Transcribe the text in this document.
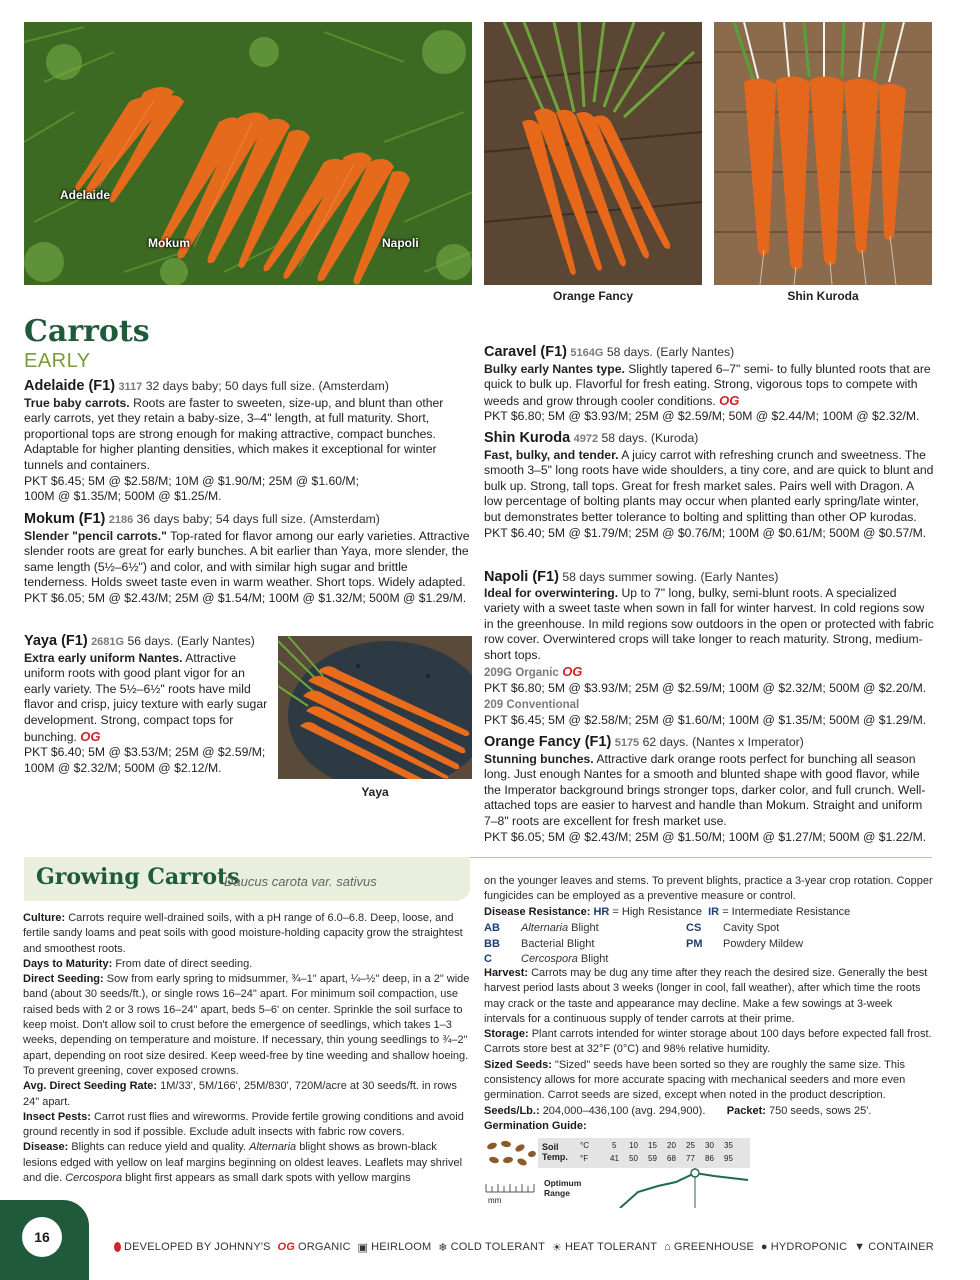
Adelaide
Mokum	Napoli
Orange Fancy	Shin Kuroda
Carrots
EARLY
Adelaide (F1) 3117 32 days baby; 50 days full size. (Amsterdam)
True baby carrots. Roots are faster to sweeten, size-up, and blunt than other early carrots, yet they retain a baby-size, 3–4" length, at full maturity. Short, proportional tops are strong enough for making attractive, compact bunches. Adaptable for higher planting densities, which makes it exceptional for winter tunnels and containers.
PKT $6.45; 5M @ $2.58/M; 10M @ $1.90/M; 25M @ $1.60/M;
100M @ $1.35/M; 500M @ $1.25/M.
Mokum (F1) 2186 36 days baby; 54 days full size. (Amsterdam)
Slender "pencil carrots." Top-rated for flavor among our early varieties. Attractive slender roots are great for early bunches. A bit earlier than Yaya, more slender, the same length (5½–6½") and color, and with similar high sugar and brittle tenderness. Holds sweet taste even in warm weather. Short tops. Widely adapted.
PKT $6.05; 5M @ $2.43/M; 25M @ $1.54/M; 100M @ $1.32/M; 500M @ $1.29/M.
Yaya (F1) 2681G 56 days. (Early Nantes)
Extra early uniform Nantes. Attractive uniform roots with good plant vigor for an early variety. The 5½–6½" roots have mild flavor and crisp, juicy texture with early sugar development. Strong, compact tops for bunching. OG
PKT $6.40; 5M @ $3.53/M; 25M @ $2.59/M;
100M @ $2.32/M; 500M @ $2.12/M.
Yaya
Caravel (F1) 5164G 58 days. (Early Nantes)
Bulky early Nantes type. Slightly tapered 6–7" semi- to fully blunted roots that are quick to bulk up. Flavorful for fresh eating. Strong, vigorous tops to compete with weeds and grow through cooler conditions. OG
PKT $6.80; 5M @ $3.93/M; 25M @ $2.59/M; 50M @ $2.44/M; 100M @ $2.32/M.
Shin Kuroda 4972 58 days. (Kuroda)
Fast, bulky, and tender. A juicy carrot with refreshing crunch and sweetness. The smooth 3–5" long roots have wide shoulders, a tiny core, and are quick to blunt and bulk up. Strong, tall tops. Great for fresh market sales. Pairs well with Dragon. A low percentage of bolting plants may occur when planted early spring/late winter, but demonstrates better tolerance to bolting and splitting than other OP kurodas.
PKT $6.40; 5M @ $1.79/M; 25M @ $0.76/M; 100M @ $0.61/M; 500M @ $0.57/M.
Napoli (F1) 58 days summer sowing. (Early Nantes)
Ideal for overwintering. Up to 7" long, bulky, semi-blunt roots. A specialized variety with a sweet taste when sown in fall for winter harvest. In cold regions sow in the greenhouse. In mild regions sow outdoors in the open or protected with fabric row cover. Overwintered crops will take longer to reach maturity. Strong, medium-short tops.
209G Organic OG
PKT $6.80; 5M @ $3.93/M; 25M @ $2.59/M; 100M @ $2.32/M; 500M @ $2.20/M.
209 Conventional
PKT $6.45; 5M @ $2.58/M; 25M @ $1.60/M; 100M @ $1.35/M; 500M @ $1.29/M.
Orange Fancy (F1) 5175 62 days. (Nantes x Imperator)
Stunning bunches. Attractive dark orange roots perfect for bunching all season long. Just enough Nantes for a smooth and blunted shape with good flavor, while the Imperator background brings stronger tops, darker color, and full crunch. Well-attached tops are easier to harvest and handle than Mokum. Straight and uniform 7–8" roots are excellent for fresh market use.
PKT $6.05; 5M @ $2.43/M; 25M @ $1.50/M; 100M @ $1.27/M; 500M @ $1.22/M.
Growing Carrots
Daucus carota var. sativus
Culture: Carrots require well-drained soils, with a pH range of 6.0–6.8. Deep, loose, and fertile sandy loams and peat soils with good moisture-holding capacity grow the straightest and smoothest roots.
Days to Maturity: From date of direct seeding.
Direct Seeding: Sow from early spring to midsummer, ¾–1" apart, ¼–½" deep, in a 2" wide band (about 30 seeds/ft.), or single rows 16–24" apart. For minimum soil compaction, use raised beds with 2 or 3 rows 16–24" apart, beds 5–6' on center. Sprinkle the soil surface to keep moist. Don't allow soil to crust before the emergence of seedlings, which takes 1–3 weeks, depending on temperature and moisture. If necessary, thin young seedlings to ¾–2" apart, depending on root size desired. Keep weed-free by tine weeding and shallow hoeing. To prevent greening, cover exposed crowns.
Avg. Direct Seeding Rate: 1M/33', 5M/166', 25M/830', 720M/acre at 30 seeds/ft. in rows 24" apart.
Insect Pests: Carrot rust flies and wireworms. Provide fertile growing conditions and avoid ground recently in sod if possible. Exclude adult insects with fabric row covers.
Disease: Blights can reduce yield and quality. Alternaria blight shows as brown-black lesions edged with yellow on leaf margins beginning on oldest leaves. Leaflets may shrivel and die. Cercospora blight first appears as small dark spots with yellow margins
on the younger leaves and stems. To prevent blights, practice a 3-year crop rotation. Copper fungicides can be employed as a preventive measure or control.
Disease Resistance: HR = High Resistance IR = Intermediate Resistance
AB Alternaria Blight	CS Cavity Spot
BB Bacterial Blight	PM Powdery Mildew
C	Cercospora Blight
Harvest: Carrots may be dug any time after they reach the desired size. Generally the best harvest period lasts about 3 weeks (longer in cool, fall weather), after which time the roots may crack or the taste and appearance may decline. Make a few sowings at 3-week intervals for a continuous supply of tender carrots at their prime.
Storage: Plant carrots intended for winter storage about 100 days before expected fall frost. Carrots store best at 32°F (0°C) and 98% relative humidity.
Sized Seeds: "Sized" seeds have been sorted so they are roughly the same size. This consistency allows for more accurate spacing with mechanical seeders and more even germination. Carrot seeds are sized, except when noted in the product description.
Seeds/Lb.: 204,000–436,100 (avg. 294,900). Packet: 750 seeds, sows 25'.
Germination Guide:
Soil
Temp.
°C
°F
5 10 15 20 25 30 35
41 50 59 68 77 86 95
mm
Optimum
Range
16
DEVELOPED BY JOHNNY'S OG ORGANIC ▣ HEIRLOOM ❄ COLD TOLERANT ☀ HEAT TOLERANT ⌂ GREENHOUSE ● HYDROPONIC ▼ CONTAINER
